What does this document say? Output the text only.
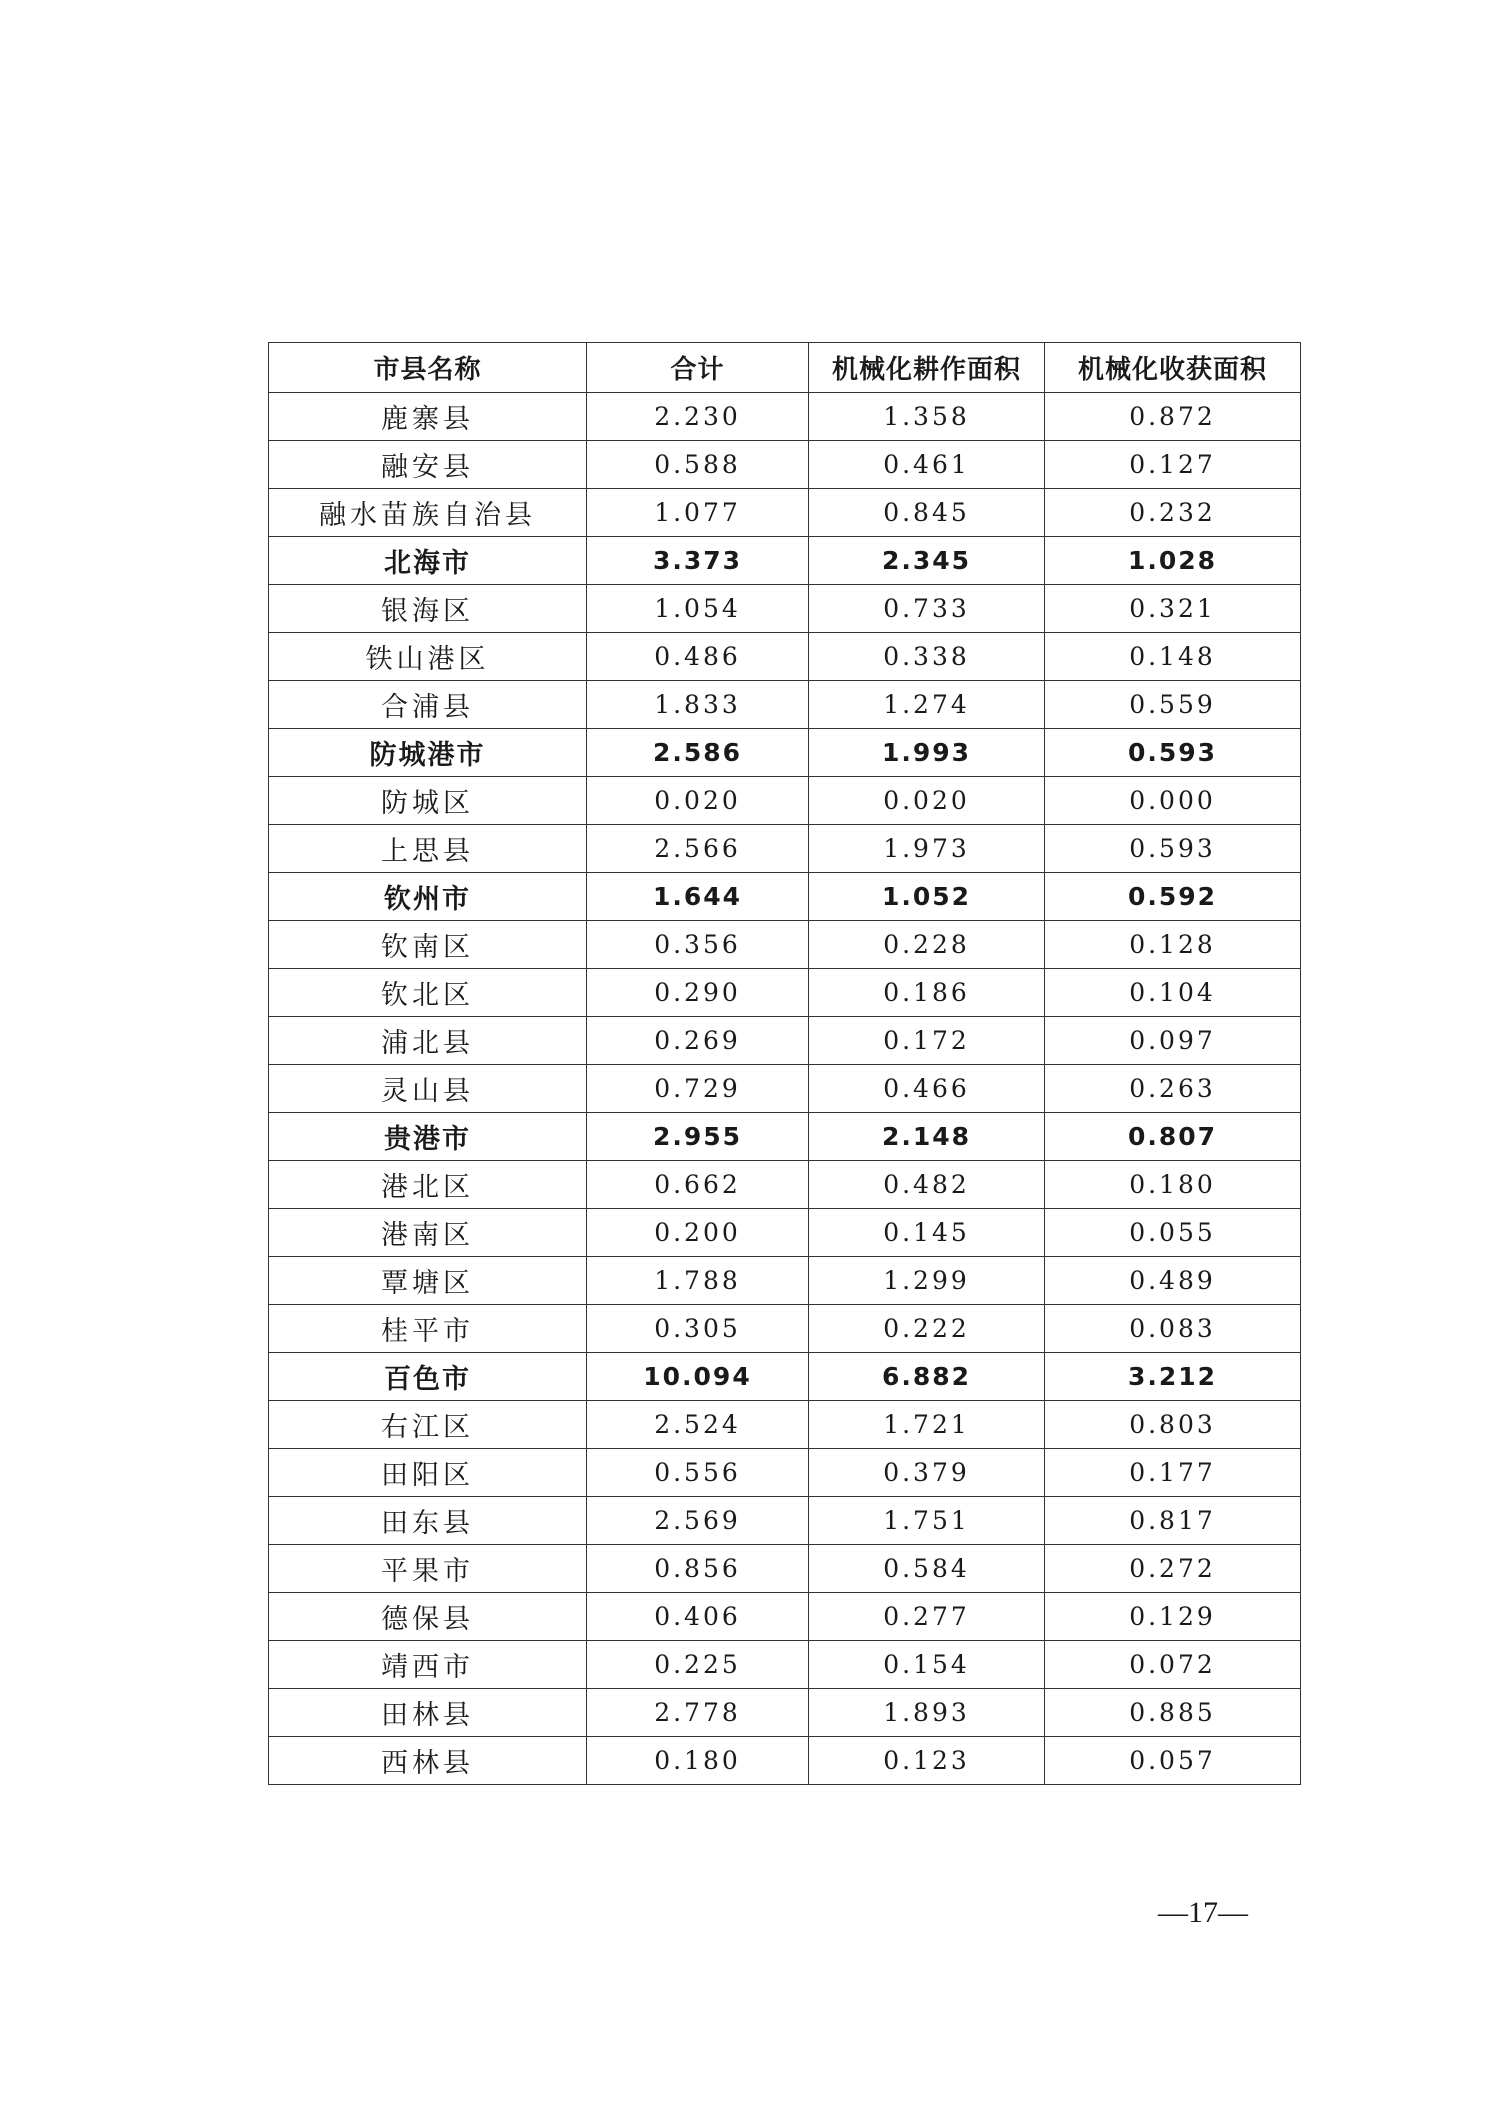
市县名称	合计	机械化耕作面积	机械化收获面积
鹿寨县	2.230	1.358	0.872
融安县	0.588	0.461	0.127
融水苗族自治县	1.077	0.845	0.232
北海市	3.373	2.345	1.028
银海区	1.054	0.733	0.321
铁山港区	0.486	0.338	0.148
合浦县	1.833	1.274	0.559
防城港市	2.586	1.993	0.593
防城区	0.020	0.020	0.000
上思县	2.566	1.973	0.593
钦州市	1.644	1.052	0.592
钦南区	0.356	0.228	0.128
钦北区	0.290	0.186	0.104
浦北县	0.269	0.172	0.097
灵山县	0.729	0.466	0.263
贵港市	2.955	2.148	0.807
港北区	0.662	0.482	0.180
港南区	0.200	0.145	0.055
覃塘区	1.788	1.299	0.489
桂平市	0.305	0.222	0.083
百色市	10.094	6.882	3.212
右江区	2.524	1.721	0.803
田阳区	0.556	0.379	0.177
田东县	2.569	1.751	0.817
平果市	0.856	0.584	0.272
德保县	0.406	0.277	0.129
靖西市	0.225	0.154	0.072
田林县	2.778	1.893	0.885
西林县	0.180	0.123	0.057
—17—
